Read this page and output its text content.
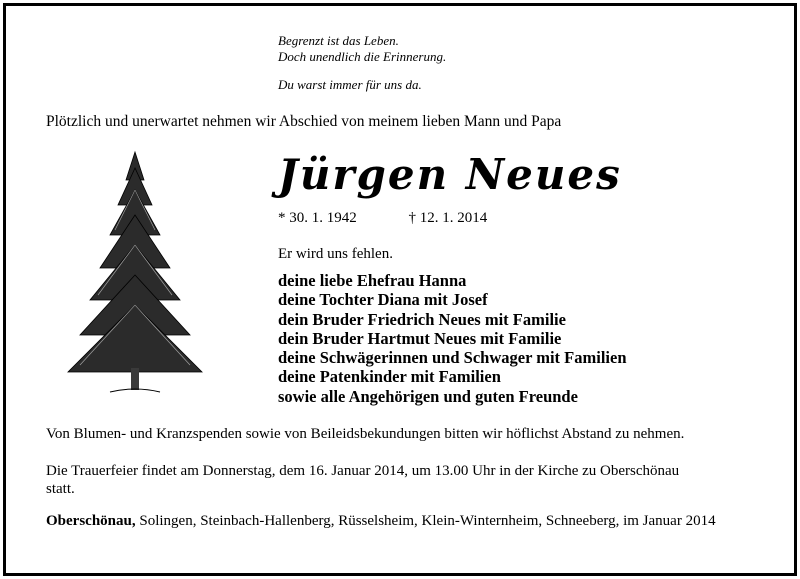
Begrenzt ist das Leben.
Doch unendlich die Erinnerung.
Du warst immer für uns da.
Plötzlich und unerwartet nehmen wir Abschied von meinem lieben Mann und Papa
Jürgen Neues
* 30. 1. 1942	† 12. 1. 2014
Er wird uns fehlen.
deine liebe Ehefrau Hanna
deine Tochter Diana mit Josef
dein Bruder Friedrich Neues mit Familie
dein Bruder Hartmut Neues mit Familie
deine Schwägerinnen und Schwager mit Familien
deine Patenkinder mit Familien
sowie alle Angehörigen und guten Freunde
Von Blumen- und Kranzspenden sowie von Beileidsbekundungen bitten wir höflichst Abstand zu nehmen.
Die Trauerfeier findet am Donnerstag, dem 16. Januar 2014, um 13.00 Uhr in der Kirche zu Oberschönau statt.
Oberschönau, Solingen, Steinbach-Hallenberg, Rüsselsheim, Klein-Winternheim, Schneeberg, im Januar 2014
